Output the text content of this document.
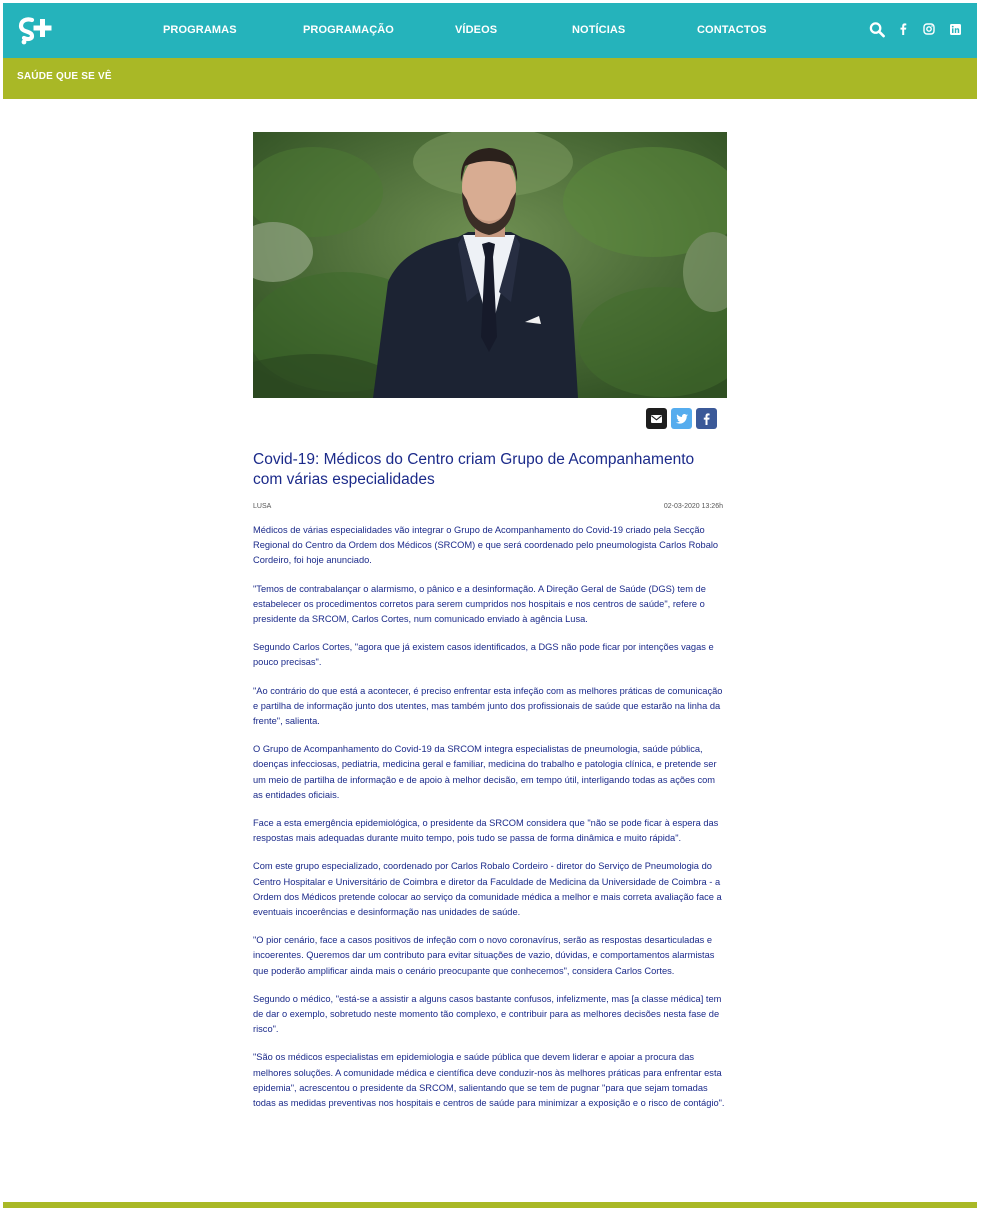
PROGRAMAS	PROGRAMAÇÃO	VÍDEOS	NOTÍCIAS	CONTACTOS
SAÚDE QUE SE VÊ
Covid-19: Médicos do Centro criam Grupo de Acompanhamento com várias especialidades
LUSA	02-03-2020 13:26h

Médicos de várias especialidades vão integrar o Grupo de Acompanhamento do Covid-19 criado pela Secção Regional do Centro da Ordem dos Médicos (SRCOM) e que será coordenado pelo pneumologista Carlos Robalo Cordeiro, foi hoje anunciado.

"Temos de contrabalançar o alarmismo, o pânico e a desinformação. A Direção Geral de Saúde (DGS) tem de estabelecer os procedimentos corretos para serem cumpridos nos hospitais e nos centros de saúde", refere o presidente da SRCOM, Carlos Cortes, num comunicado enviado à agência Lusa.

Segundo Carlos Cortes, "agora que já existem casos identificados, a DGS não pode ficar por intenções vagas e pouco precisas".

"Ao contrário do que está a acontecer, é preciso enfrentar esta infeção com as melhores práticas de comunicação e partilha de informação junto dos utentes, mas também junto dos profissionais de saúde que estarão na linha da frente", salienta.

O Grupo de Acompanhamento do Covid-19 da SRCOM integra especialistas de pneumologia, saúde pública, doenças infecciosas, pediatria, medicina geral e familiar, medicina do trabalho e patologia clínica, e pretende ser um meio de partilha de informação e de apoio à melhor decisão, em tempo útil, interligando todas as ações com as entidades oficiais.

Face a esta emergência epidemiológica, o presidente da SRCOM considera que "não se pode ficar à espera das respostas mais adequadas durante muito tempo, pois tudo se passa de forma dinâmica e muito rápida".

Com este grupo especializado, coordenado por Carlos Robalo Cordeiro - diretor do Serviço de Pneumologia do Centro Hospitalar e Universitário de Coimbra e diretor da Faculdade de Medicina da Universidade de Coimbra - a Ordem dos Médicos pretende colocar ao serviço da comunidade médica a melhor e mais correta avaliação face a eventuais incoerências e desinformação nas unidades de saúde.

"O pior cenário, face a casos positivos de infeção com o novo coronavírus, serão as respostas desarticuladas e incoerentes. Queremos dar um contributo para evitar situações de vazio, dúvidas, e comportamentos alarmistas que poderão amplificar ainda mais o cenário preocupante que conhecemos", considera Carlos Cortes.

Segundo o médico, "está-se a assistir a alguns casos bastante confusos, infelizmente, mas [a classe médica] tem de dar o exemplo, sobretudo neste momento tão complexo, e contribuir para as melhores decisões nesta fase de risco".

"São os médicos especialistas em epidemiologia e saúde pública que devem liderar e apoiar a procura das melhores soluções. A comunidade médica e científica deve conduzir-nos às melhores práticas para enfrentar esta epidemia", acrescentou o presidente da SRCOM, salientando que se tem de pugnar "para que sejam tomadas todas as medidas preventivas nos hospitais e centros de saúde para minimizar a exposição e o risco de contágio".
